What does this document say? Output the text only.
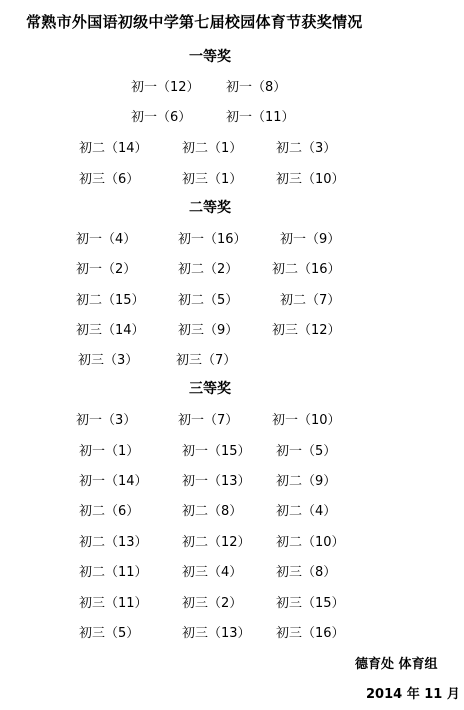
常熟市外国语初级中学第七届校园体育节获奖情况
一等奖
二等奖
三等奖
德育处 体育组
2014 年 11 月
初一（12） 初一（8）
初一（6）	初一（11）
初二（14）	初二（1）	初二（3）
初三（6）	初三（1）	初三（10）
初一（4）	初一（16）	初一（9）
初一（2）	初二（2）	初二（16）
初二（15）	初二（5）	初二（7）
初三（14）	初三（9）	初三（12）
初三（3）	初三（7）
初一（3）	初一（7）	初一（10）
初一（1）	初一（15） 初一（5）
初一（14）	初一（13） 初二（9）
初二（6）	初二（8）	初二（4）
初二（13）	初二（12） 初二（10）
初二（11）	初三（4）	初三（8）
初三（11）	初三（2）	初三（15）
初三（5）	初三（13） 初三（16）
